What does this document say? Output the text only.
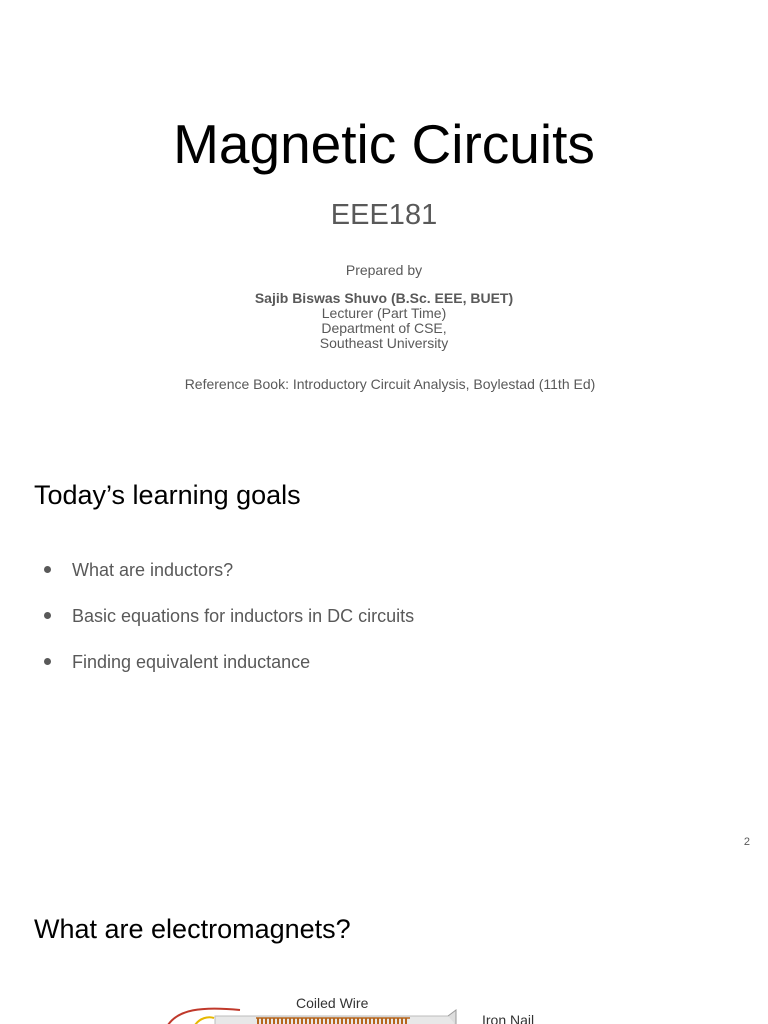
Magnetic Circuits
EEE181
Prepared by
Sajib Biswas Shuvo (B.Sc. EEE, BUET)
Lecturer (Part Time)
Department of CSE,
Southeast University
Reference Book: Introductory Circuit Analysis, Boylestad (11th Ed)
Today’s learning goals
What are inductors?
Basic equations for inductors in DC circuits
Finding equivalent inductance
2
What are electromagnets?
Coiled Wire
Iron Nail
